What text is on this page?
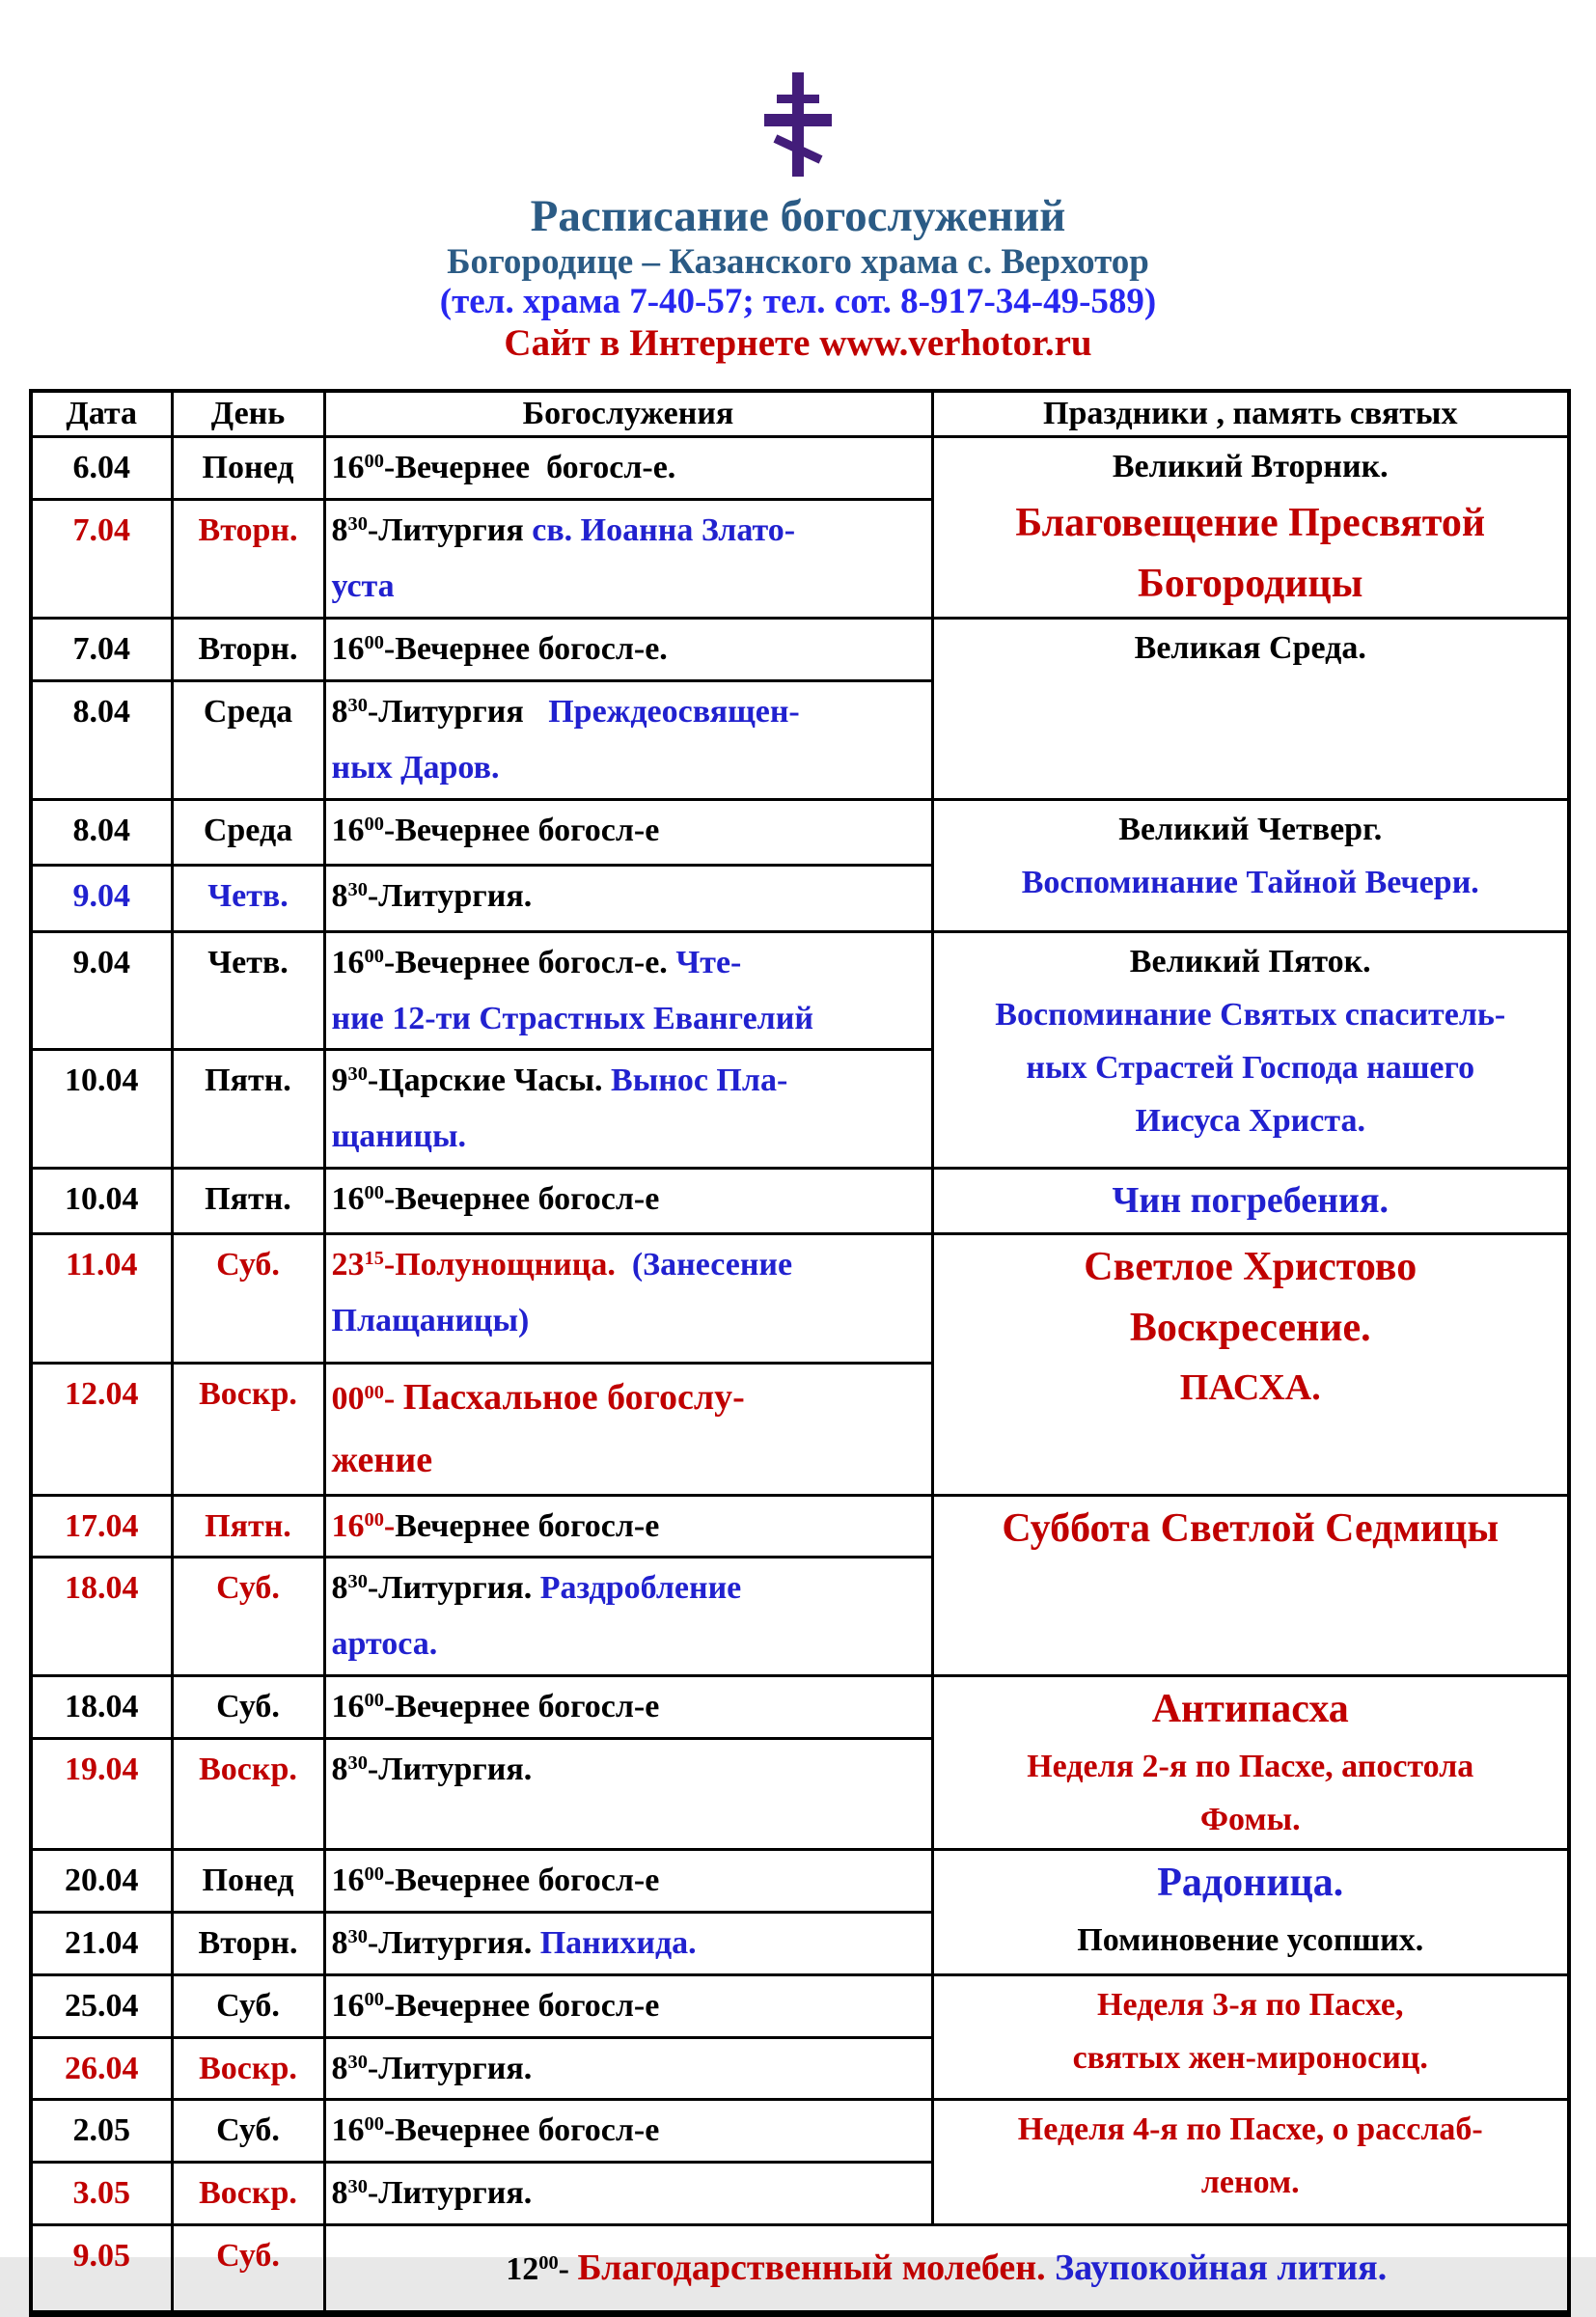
Расписание богослужений
Богородице – Казанского храма с. Верхотор
(тел. храма 7-40-57; тел. сот. 8-917-34-49-589)
Сайт в Интернете www.verhotor.ru
Дата	День	Богослужения	Праздники , память святых
6.04	Понед	$16^{00}$-Вечернее  богосл-е.	Великий Вторник.
Благовещение Пресвятой
Богородицы

7.04	Вторн.	$8^{30}$-Литургия св. Иоанна Злато-
уста	
7.04	Вторн.	$16^{00}$-Вечернее богосл-е.	Великая Среда.

8.04	Среда	$8^{30}$-Литургия   Преждеосвящен-
ных Даров.	
8.04	Среда	$16^{00}$-Вечернее богосл-е	Великий Четверг.
Воспоминание Тайной Вечери.

9.04	Четв.	$8^{30}$-Литургия.	
9.04	Четв.	$16^{00}$-Вечернее богосл-е. Чте-
ние 12-ти Страстных Евангелий	
Великий Пяток.
Воспоминание Святых спаситель-
ных Страстей Господа нашего
Иисуса Христа.

10.04	Пятн.	$9^{30}$-Царские Часы. Вынос Пла-
щаницы.	
10.04	Пятн.	$16^{00}$-Вечернее богосл-е	Чин погребения.

11.04	Суб.	$23^{15}$-Полунощница.  (Занесение
Плащаницы)	
Светлое Христово
Воскресение.
ПАСХА.

12.04	Воскр.	$00^{00}-$ Пасхальное богослу-
жение	
17.04	Пятн.	$16^{00}$-Вечернее богосл-е	Суббота Светлой Седмицы

18.04	Суб.	$8^{30}$-Литургия. Раздробление
артоса.	
18.04	Суб.	$16^{00}$-Вечернее богосл-е	Антипасха
Неделя 2-я по Пасхе, апостола
Фомы.

19.04	Воскр.	$8^{30}$-Литургия.	
20.04	Понед	$16^{00}$-Вечернее богосл-е	Радоница.
Поминовение усопших.

21.04	Вторн.	$8^{30}$-Литургия. Панихида.	
25.04	Суб.	$16^{00}$-Вечернее богосл-е	Неделя 3-я по Пасхе,
святых жен-мироносиц.

26.04	Воскр.	$8^{30}$-Литургия.	
2.05	Суб.	$16^{00}$-Вечернее богосл-е	Неделя 4-я по Пасхе, о расслаб-
леном.

3.05	Воскр.	$8^{30}$-Литургия.	
9.05	Суб.	$12^{00}-$ Благодарственный молебен. Заупокойная лития.	
